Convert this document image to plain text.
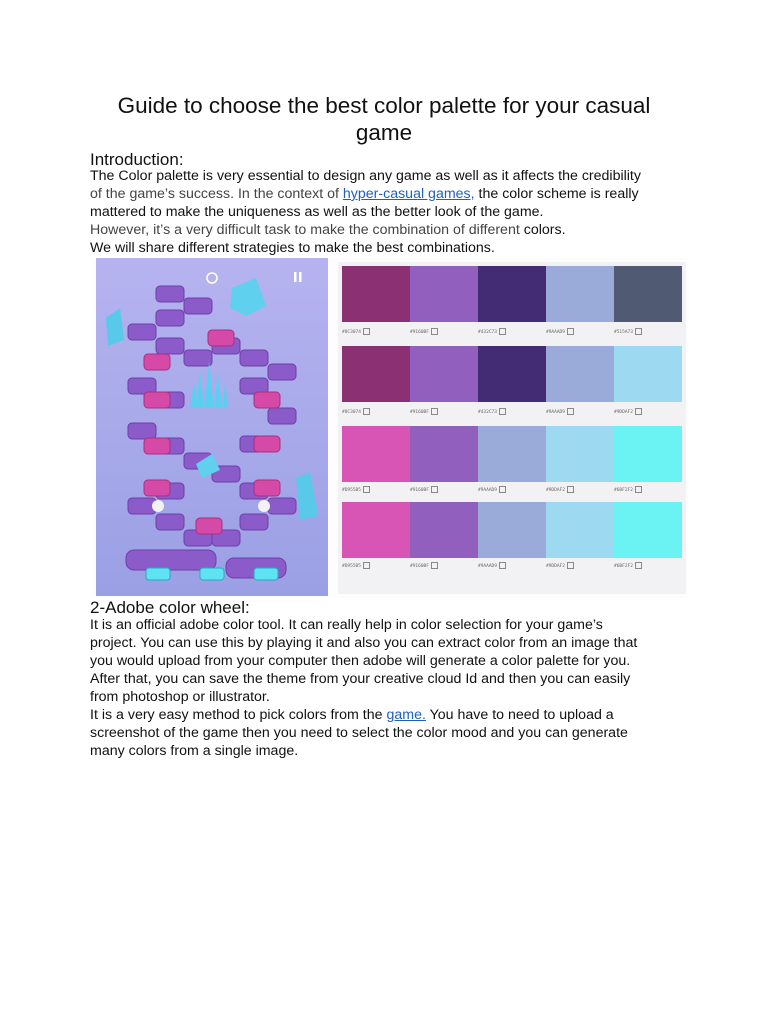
Guide to choose the best color palette for your casual game
Introduction:
The Color palette is very essential to design any game as well as it affects the credibility
of the game’s success. In the context of hyper-casual games, the color scheme is really
mattered to make the uniqueness as well as the better look of the game.
However, it’s a very difficult task to make the combination of different colors.
We will share different strategies to make the best combinations.
#8C3074	#9160BF	#432C73	#9AAAD9	#515A73
#8C3074	#9160BF	#432C73	#9AAAD9	#9DDAF2
#D955B5	#9160BF	#9AAAD9	#9DDAF2	#6BF2F2
#D955B5	#9160BF	#9AAAD9	#9DDAF2	#6BF2F2
2-Adobe color wheel:
It is an official adobe color tool. It can really help in color selection for your game’s
project. You can use this by playing it and also you can extract color from an image that
you would upload from your computer then adobe will generate a color palette for you.
After that, you can save the theme from your creative cloud Id and then you can easily
from photoshop or illustrator.
It is a very easy method to pick colors from the game. You have to need to upload a
screenshot of the game then you need to select the color mood and you can generate
many colors from a single image.
